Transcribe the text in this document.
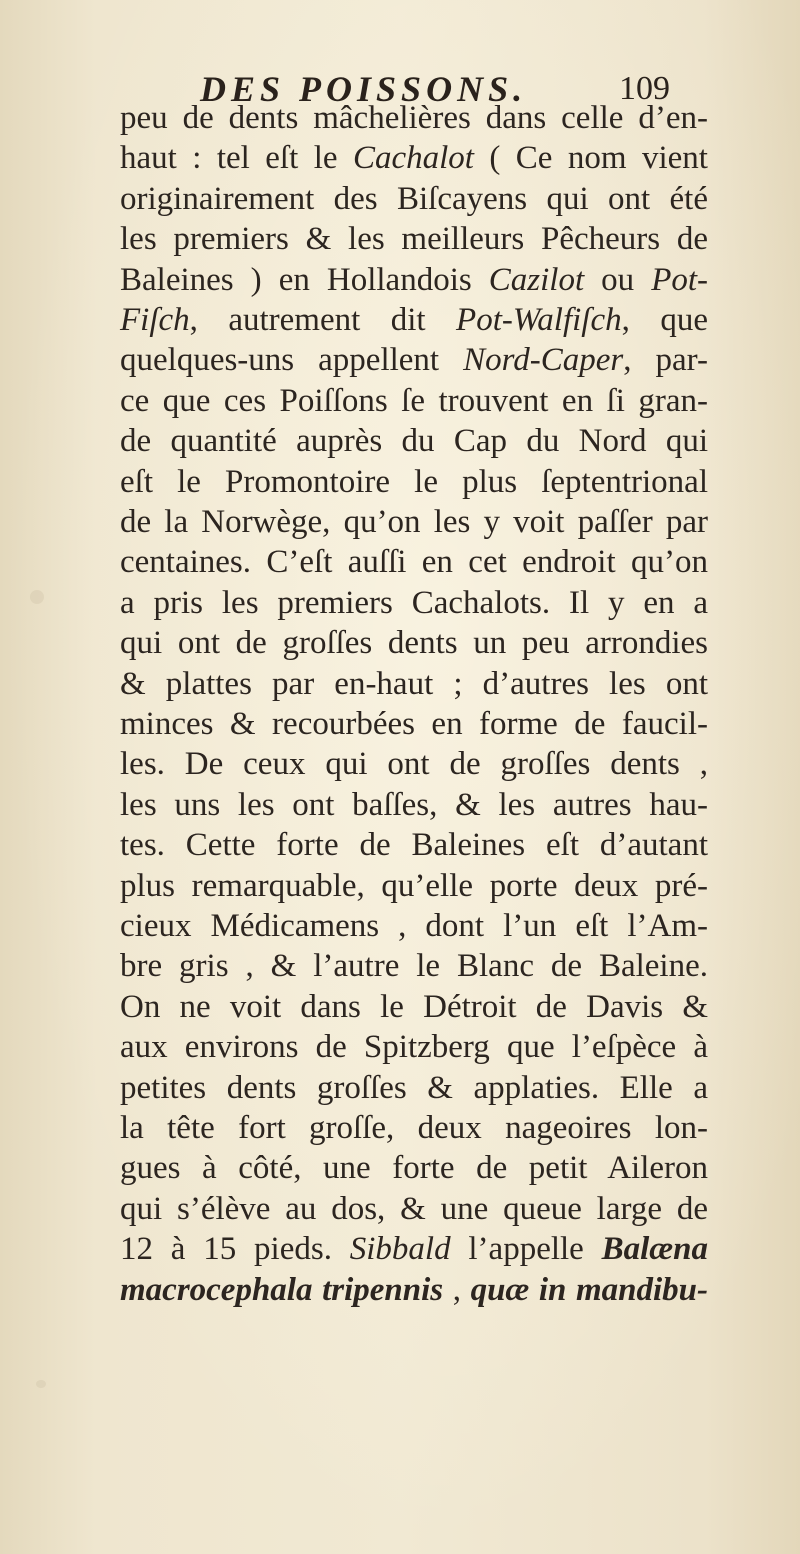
DES POISSONS.	109
peu de dents mâchelières dans celle d’en-
haut : tel eſt le Cachalot ( Ce nom vient
originairement des Biſcayens qui ont été
les premiers & les meilleurs Pêcheurs de
Baleines ) en Hollandois Cazilot ou Pot-
Fiſch, autrement dit Pot-Walfiſch, que
quelques-uns appellent Nord-Caper, par-
ce que ces Poiſſons ſe trouvent en ſi gran-
de quantité auprès du Cap du Nord qui
eſt le Promontoire le plus ſeptentrional
de la Norwège, qu’on les y voit paſſer par
centaines. C’eſt auſſi en cet endroit qu’on
a pris les premiers Cachalots. Il y en a
qui ont de groſſes dents un peu arrondies
& plattes par en-haut ; d’autres les ont
minces & recourbées en forme de faucil-
les. De ceux qui ont de groſſes dents ,
les uns les ont baſſes, & les autres hau-
tes. Cette forte de Baleines eſt d’autant
plus remarquable, qu’elle porte deux pré-
cieux Médicamens , dont l’un eſt l’Am-
bre gris , & l’autre le Blanc de Baleine.
On ne voit dans le Détroit de Davis &
aux environs de Spitzberg que l’eſpèce à
petites dents groſſes & applaties. Elle a
la tête fort groſſe, deux nageoires lon-
gues à côté, une forte de petit Aileron
qui s’élève au dos, & une queue large de
12 à 15 pieds. Sibbald l’appelle Balæna
macrocephala tripennis , quæ in mandibu-
